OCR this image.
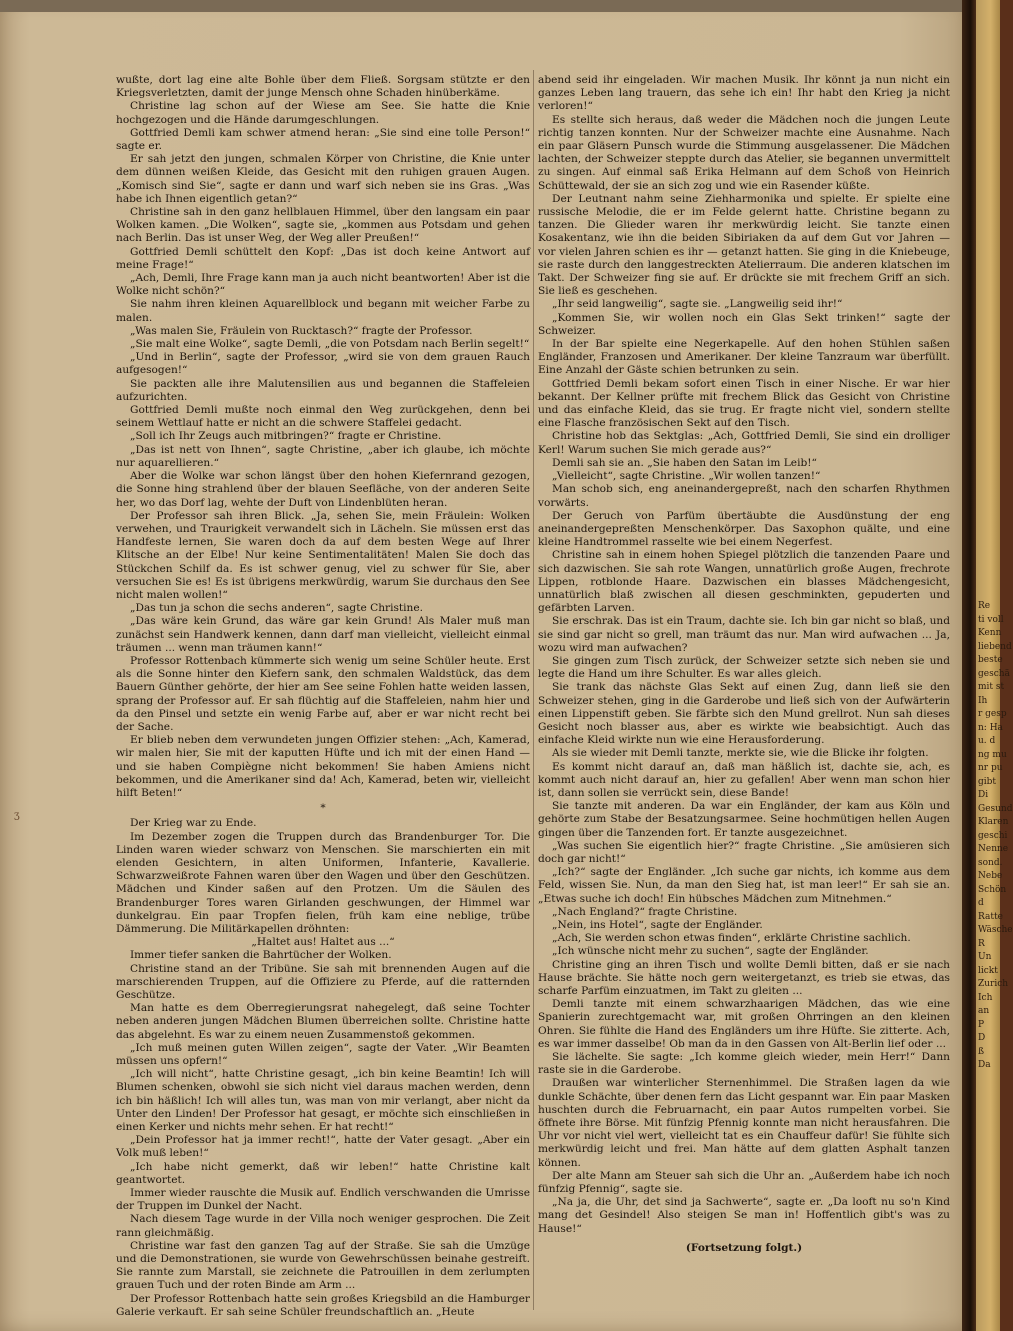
wußte, dort lag eine alte Bohle über dem Fließ. Sorgsam stützte er den Kriegsverletzten, damit der junge Mensch ohne Schaden hinüberkäme.

Christine lag schon auf der Wiese am See. Sie hatte die Knie hochgezogen und die Hände darumgeschlungen.

Gottfried Demli kam schwer atmend heran: „Sie sind eine tolle Person!“ sagte er.

Er sah jetzt den jungen, schmalen Körper von Christine, die Knie unter dem dünnen weißen Kleide, das Gesicht mit den ruhigen grauen Augen. „Komisch sind Sie“, sagte er dann und warf sich neben sie ins Gras. „Was habe ich Ihnen eigentlich getan?“

Christine sah in den ganz hellblauen Himmel, über den langsam ein paar Wolken kamen. „Die Wolken“, sagte sie, „kommen aus Potsdam und gehen nach Berlin. Das ist unser Weg, der Weg aller Preußen!“

Gottfried Demli schüttelt den Kopf: „Das ist doch keine Antwort auf meine Frage!“

„Ach, Demli, Ihre Frage kann man ja auch nicht beantworten! Aber ist die Wolke nicht schön?“

Sie nahm ihren kleinen Aquarellblock und begann mit weicher Farbe zu malen.

„Was malen Sie, Fräulein von Rucktasch?“ fragte der Professor.

„Sie malt eine Wolke“, sagte Demli, „die von Potsdam nach Berlin segelt!“

„Und in Berlin“, sagte der Professor, „wird sie von dem grauen Rauch aufgesogen!“

Sie packten alle ihre Malutensilien aus und begannen die Staffeleien aufzurichten.

Gottfried Demli mußte noch einmal den Weg zurückgehen, denn bei seinem Wettlauf hatte er nicht an die schwere Staffelei gedacht.

„Soll ich Ihr Zeugs auch mitbringen?“ fragte er Christine.

„Das ist nett von Ihnen“, sagte Christine, „aber ich glaube, ich möchte nur aquarellieren.“

Aber die Wolke war schon längst über den hohen Kiefernrand gezogen, die Sonne hing strahlend über der blauen Seefläche, von der anderen Seite her, wo das Dorf lag, wehte der Duft von Lindenblüten heran.

Der Professor sah ihren Blick. „Ja, sehen Sie, mein Fräulein: Wolken verwehen, und Traurigkeit verwandelt sich in Lächeln. Sie müssen erst das Handfeste lernen, Sie waren doch da auf dem besten Wege auf Ihrer Klitsche an der Elbe! Nur keine Sentimentalitäten! Malen Sie doch das Stückchen Schilf da. Es ist schwer genug, viel zu schwer für Sie, aber versuchen Sie es! Es ist übrigens merkwürdig, warum Sie durchaus den See nicht malen wollen!“

„Das tun ja schon die sechs anderen“, sagte Christine.

„Das wäre kein Grund, das wäre gar kein Grund! Als Maler muß man zunächst sein Handwerk kennen, dann darf man vielleicht, vielleicht einmal träumen ... wenn man träumen kann!“

Professor Rottenbach kümmerte sich wenig um seine Schüler heute. Erst als die Sonne hinter den Kiefern sank, den schmalen Waldstück, das dem Bauern Günther gehörte, der hier am See seine Fohlen hatte weiden lassen, sprang der Professor auf. Er sah flüchtig auf die Staffeleien, nahm hier und da den Pinsel und setzte ein wenig Farbe auf, aber er war nicht recht bei der Sache.

Er blieb neben dem verwundeten jungen Offizier stehen: „Ach, Kamerad, wir malen hier, Sie mit der kaputten Hüfte und ich mit der einen Hand — und sie haben Compiègne nicht bekommen! Sie haben Amiens nicht bekommen, und die Amerikaner sind da! Ach, Kamerad, beten wir, vielleicht hilft Beten!“

*

Der Krieg war zu Ende.

Im Dezember zogen die Truppen durch das Brandenburger Tor. Die Linden waren wieder schwarz von Menschen. Sie marschierten ein mit elenden Gesichtern, in alten Uniformen, Infanterie, Kavallerie. Schwarzweißrote Fahnen waren über den Wagen und über den Geschützen. Mädchen und Kinder saßen auf den Protzen. Um die Säulen des Brandenburger Tores waren Girlanden geschwungen, der Himmel war dunkelgrau. Ein paar Tropfen fielen, früh kam eine neblige, trübe Dämmerung. Die Militärkapellen dröhnten:

„Haltet aus! Haltet aus ...“

Immer tiefer sanken die Bahrtücher der Wolken.

Christine stand an der Tribüne. Sie sah mit brennenden Augen auf die marschierenden Truppen, auf die Offiziere zu Pferde, auf die ratternden Geschütze.

Man hatte es dem Oberregierungsrat nahegelegt, daß seine Tochter neben anderen jungen Mädchen Blumen überreichen sollte. Christine hatte das abgelehnt. Es war zu einem neuen Zusammenstoß gekommen.

„Ich muß meinen guten Willen zeigen“, sagte der Vater. „Wir Beamten müssen uns opfern!“

„Ich will nicht“, hatte Christine gesagt, „ich bin keine Beamtin! Ich will Blumen schenken, obwohl sie sich nicht viel daraus machen werden, denn ich bin häßlich! Ich will alles tun, was man von mir verlangt, aber nicht da Unter den Linden! Der Professor hat gesagt, er möchte sich einschließen in einen Kerker und nichts mehr sehen. Er hat recht!“

„Dein Professor hat ja immer recht!“, hatte der Vater gesagt. „Aber ein Volk muß leben!“

„Ich habe nicht gemerkt, daß wir leben!“ hatte Christine kalt geantwortet.

Immer wieder rauschte die Musik auf. Endlich verschwanden die Umrisse der Truppen im Dunkel der Nacht.

Nach diesem Tage wurde in der Villa noch weniger gesprochen. Die Zeit rann gleichmäßig.

Christine war fast den ganzen Tag auf der Straße. Sie sah die Umzüge und die Demonstrationen, sie wurde von Gewehrschüssen beinahe gestreift. Sie rannte zum Marstall, sie zeichnete die Patrouillen in dem zerlumpten grauen Tuch und der roten Binde am Arm ...

Der Professor Rottenbach hatte sein großes Kriegsbild an die Hamburger Galerie verkauft. Er sah seine Schüler freundschaftlich an. „Heute

abend seid ihr eingeladen. Wir machen Musik. Ihr könnt ja nun nicht ein ganzes Leben lang trauern, das sehe ich ein! Ihr habt den Krieg ja nicht verloren!“

Es stellte sich heraus, daß weder die Mädchen noch die jungen Leute richtig tanzen konnten. Nur der Schweizer machte eine Ausnahme. Nach ein paar Gläsern Punsch wurde die Stimmung ausgelassener. Die Mädchen lachten, der Schweizer steppte durch das Atelier, sie begannen unvermittelt zu singen. Auf einmal saß Erika Helmann auf dem Schoß von Heinrich Schüttewald, der sie an sich zog und wie ein Rasender küßte.

Der Leutnant nahm seine Ziehharmonika und spielte. Er spielte eine russische Melodie, die er im Felde gelernt hatte. Christine begann zu tanzen. Die Glieder waren ihr merkwürdig leicht. Sie tanzte einen Kosakentanz, wie ihn die beiden Sibiriaken da auf dem Gut vor Jahren — vor vielen Jahren schien es ihr — getanzt hatten. Sie ging in die Kniebeuge, sie raste durch den langgestreckten Atelierraum. Die anderen klatschen im Takt. Der Schweizer fing sie auf. Er drückte sie mit frechem Griff an sich. Sie ließ es geschehen.

„Ihr seid langweilig“, sagte sie. „Langweilig seid ihr!“

„Kommen Sie, wir wollen noch ein Glas Sekt trinken!“ sagte der Schweizer.

In der Bar spielte eine Negerkapelle. Auf den hohen Stühlen saßen Engländer, Franzosen und Amerikaner. Der kleine Tanzraum war überfüllt. Eine Anzahl der Gäste schien betrunken zu sein.

Gottfried Demli bekam sofort einen Tisch in einer Nische. Er war hier bekannt. Der Kellner prüfte mit frechem Blick das Gesicht von Christine und das einfache Kleid, das sie trug. Er fragte nicht viel, sondern stellte eine Flasche französischen Sekt auf den Tisch.

Christine hob das Sektglas: „Ach, Gottfried Demli, Sie sind ein drolliger Kerl! Warum suchen Sie mich gerade aus?“

Demli sah sie an. „Sie haben den Satan im Leib!“

„Vielleicht“, sagte Christine. „Wir wollen tanzen!“

Man schob sich, eng aneinandergepreßt, nach den scharfen Rhythmen vorwärts.

Der Geruch von Parfüm übertäubte die Ausdünstung der eng aneinandergepreßten Menschenkörper. Das Saxophon quälte, und eine kleine Handtrommel rasselte wie bei einem Negerfest.

Christine sah in einem hohen Spiegel plötzlich die tanzenden Paare und sich dazwischen. Sie sah rote Wangen, unnatürlich große Augen, frechrote Lippen, rotblonde Haare. Dazwischen ein blasses Mädchengesicht, unnatürlich blaß zwischen all diesen geschminkten, gepuderten und gefärbten Larven.

Sie erschrak. Das ist ein Traum, dachte sie. Ich bin gar nicht so blaß, und sie sind gar nicht so grell, man träumt das nur. Man wird aufwachen ... Ja, wozu wird man aufwachen?

Sie gingen zum Tisch zurück, der Schweizer setzte sich neben sie und legte die Hand um ihre Schulter. Es war alles gleich.

Sie trank das nächste Glas Sekt auf einen Zug, dann ließ sie den Schweizer stehen, ging in die Garderobe und ließ sich von der Aufwärterin einen Lippenstift geben. Sie färbte sich den Mund grellrot. Nun sah dieses Gesicht noch blasser aus, aber es wirkte wie beabsichtigt. Auch das einfache Kleid wirkte nun wie eine Herausforderung.

Als sie wieder mit Demli tanzte, merkte sie, wie die Blicke ihr folgten.

Es kommt nicht darauf an, daß man häßlich ist, dachte sie, ach, es kommt auch nicht darauf an, hier zu gefallen! Aber wenn man schon hier ist, dann sollen sie verrückt sein, diese Bande!

Sie tanzte mit anderen. Da war ein Engländer, der kam aus Köln und gehörte zum Stabe der Besatzungsarmee. Seine hochmütigen hellen Augen gingen über die Tanzenden fort. Er tanzte ausgezeichnet.

„Was suchen Sie eigentlich hier?“ fragte Christine. „Sie amüsieren sich doch gar nicht!“

„Ich?“ sagte der Engländer. „Ich suche gar nichts, ich komme aus dem Feld, wissen Sie. Nun, da man den Sieg hat, ist man leer!“ Er sah sie an. „Etwas suche ich doch! Ein hübsches Mädchen zum Mitnehmen.“

„Nach England?“ fragte Christine.

„Nein, ins Hotel“, sagte der Engländer.

„Ach, Sie werden schon etwas finden“, erklärte Christine sachlich.

„Ich wünsche nicht mehr zu suchen“, sagte der Engländer.

Christine ging an ihren Tisch und wollte Demli bitten, daß er sie nach Hause brächte. Sie hätte noch gern weitergetanzt, es trieb sie etwas, das scharfe Parfüm einzuatmen, im Takt zu gleiten ...

Demli tanzte mit einem schwarzhaarigen Mädchen, das wie eine Spanierin zurechtgemacht war, mit großen Ohrringen an den kleinen Ohren. Sie fühlte die Hand des Engländers um ihre Hüfte. Sie zitterte. Ach, es war immer dasselbe! Ob man da in den Gassen von Alt-Berlin lief oder ...

Sie lächelte. Sie sagte: „Ich komme gleich wieder, mein Herr!“ Dann raste sie in die Garderobe.

Draußen war winterlicher Sternenhimmel. Die Straßen lagen da wie dunkle Schächte, über denen fern das Licht gespannt war. Ein paar Masken huschten durch die Februarnacht, ein paar Autos rumpelten vorbei. Sie öffnete ihre Börse. Mit fünfzig Pfennig konnte man nicht herausfahren. Die Uhr vor nicht viel wert, vielleicht tat es ein Chauffeur dafür! Sie fühlte sich merkwürdig leicht und frei. Man hätte auf dem glatten Asphalt tanzen können.

Der alte Mann am Steuer sah sich die Uhr an. „Außerdem habe ich noch fünfzig Pfennig“, sagte sie.

„Na ja, die Uhr, det sind ja Sachwerte“, sagte er. „Da looft nu so'n Kind mang det Gesindel! Also steigen Se man in! Hoffentlich gibt's was zu Hause!“

(Fortsetzung folgt.)

ʒ
Re
ti voll
Kenn
liebend
beste
geschä
mit st
Ih
r gesp
n: Ha
u. d
ng mu
nr pu
gibt
Di
Gesund
Klaren
geschi
Nenne
sond.
Nebe
Schön
d
Ratte
Wäsche
R
Un
lickt
Zurich
Ich
an
P
D
ß
Da
